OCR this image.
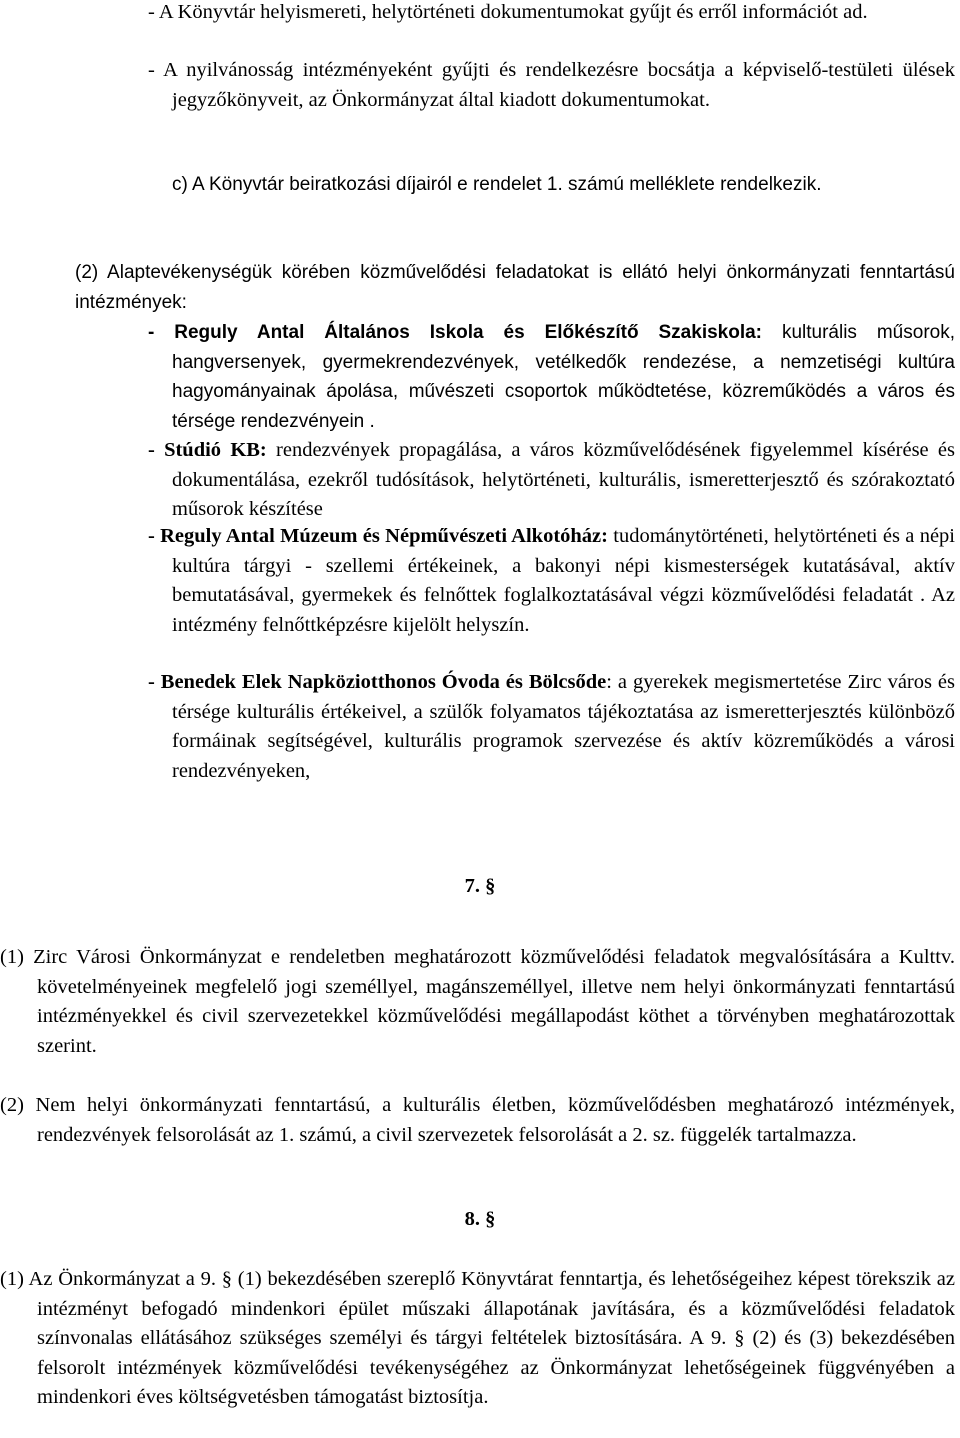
- A Könyvtár helyismereti, helytörténeti dokumentumokat gyűjt és erről információt ad.
- A nyilvánosság intézményeként gyűjti és rendelkezésre bocsátja a képviselő-testületi ülések jegyzőkönyveit, az Önkormányzat által kiadott dokumentumokat.
c) A Könyvtár beiratkozási díjairól e rendelet 1. számú melléklete rendelkezik.
(2) Alaptevékenységük körében közművelődési feladatokat is ellátó helyi önkormányzati fenntartású intézmények:
- Reguly Antal Általános Iskola és Előkészítő Szakiskola: kulturális műsorok, hangversenyek, gyermekrendezvények, vetélkedők rendezése, a nemzetiségi kultúra hagyományainak ápolása, művészeti csoportok működtetése, közreműködés a város és térsége rendezvényein .
- Stúdió KB: rendezvények propagálása, a város közművelődésének figyelemmel kísérése és dokumentálása, ezekről tudósítások, helytörténeti, kulturális, ismeretterjesztő és szórakoztató műsorok készítése
- Reguly Antal Múzeum és Népművészeti Alkotóház: tudománytörténeti, helytörténeti és a népi kultúra tárgyi - szellemi értékeinek, a bakonyi népi kismesterségek kutatásával, aktív bemutatásával, gyermekek és felnőttek foglalkoztatásával végzi közművelődési feladatát . Az intézmény felnőttképzésre kijelölt helyszín.
- Benedek Elek Napköziotthonos Óvoda és Bölcsőde: a gyerekek megismertetése Zirc város és térsége kulturális értékeivel, a szülők folyamatos tájékoztatása az ismeretterjesztés különböző formáinak segítségével, kulturális programok szervezése és aktív közreműködés a városi rendezvényeken,
7. §
(1) Zirc Városi Önkormányzat e rendeletben meghatározott közművelődési feladatok megvalósítására a Kulttv. követelményeinek megfelelő jogi személlyel, magánszeméllyel, illetve nem helyi önkormányzati fenntartású intézményekkel és civil szervezetekkel közművelődési megállapodást köthet a törvényben meghatározottak szerint.
(2) Nem helyi önkormányzati fenntartású, a kulturális életben, közművelődésben meghatározó intézmények, rendezvények felsorolását az 1. számú, a civil szervezetek felsorolását a 2. sz. függelék tartalmazza.
8. §
(1) Az Önkormányzat a 9. § (1) bekezdésében szereplő Könyvtárat fenntartja, és lehetőségeihez képest törekszik az intézményt befogadó mindenkori épület műszaki állapotának javítására, és a közművelődési feladatok színvonalas ellátásához szükséges személyi és tárgyi feltételek biztosítására. A 9. § (2) és (3) bekezdésében felsorolt intézmények közművelődési tevékenységéhez az Önkormányzat lehetőségeinek függvényében a mindenkori éves költségvetésben támogatást biztosítja.
